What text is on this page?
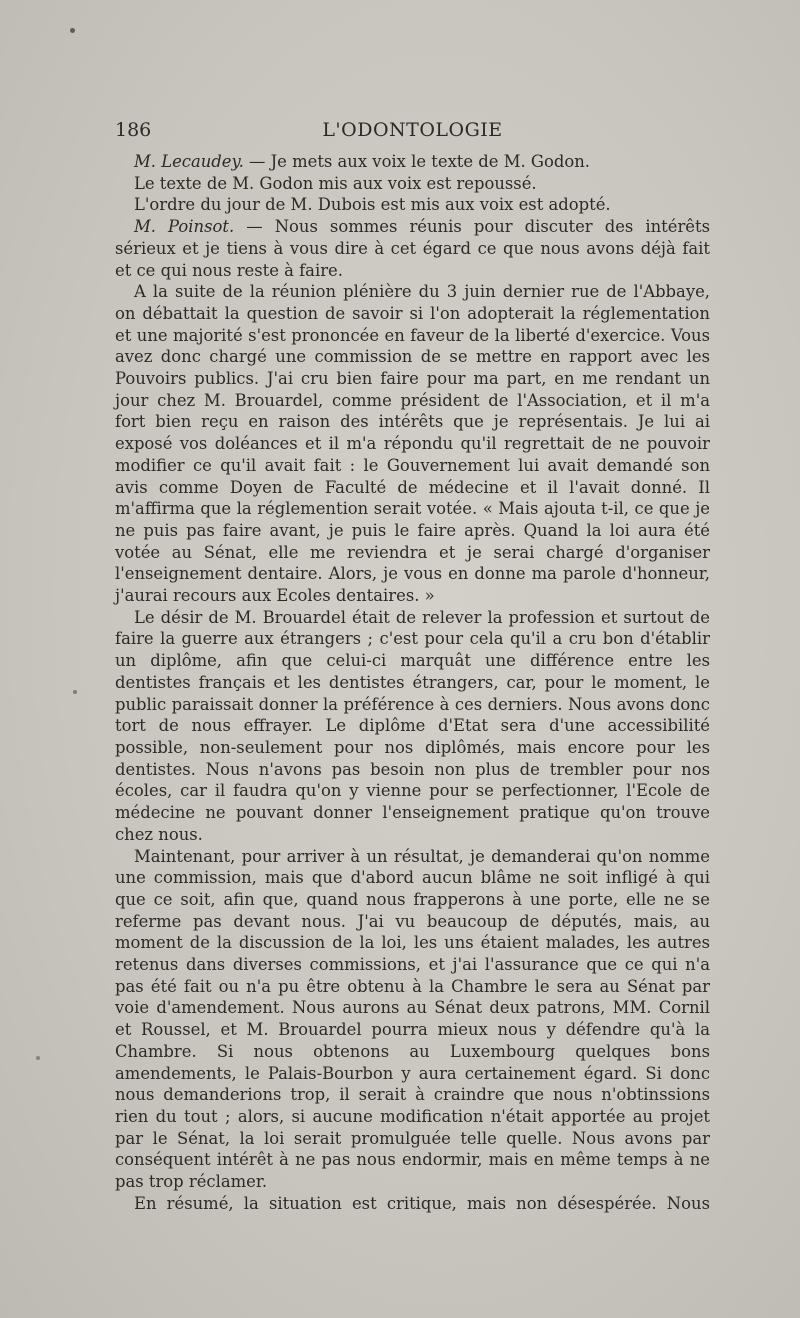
186	L'ODONTOLOGIE

M. Lecaudey. — Je mets aux voix le texte de M. Godon.

Le texte de M. Godon mis aux voix est repoussé.

L'ordre du jour de M. Dubois est mis aux voix est adopté.

M. Poinsot. — Nous sommes réunis pour discuter des intérêts sérieux et je tiens à vous dire à cet égard ce que nous avons déjà fait et ce qui nous reste à faire.

A la suite de la réunion plénière du 3 juin dernier rue de l'Abbaye, on débattait la question de savoir si l'on adopterait la réglementation et une majorité s'est prononcée en faveur de la liberté d'exercice. Vous avez donc chargé une commission de se mettre en rapport avec les Pouvoirs publics. J'ai cru bien faire pour ma part, en me rendant un jour chez M. Brouardel, comme président de l'Association, et il m'a fort bien reçu en raison des intérêts que je représentais. Je lui ai exposé vos doléances et il m'a répondu qu'il regrettait de ne pouvoir modifier ce qu'il avait fait : le Gouvernement lui avait demandé son avis comme Doyen de Faculté de médecine et il l'avait donné. Il m'affirma que la réglemention serait votée. « Mais ajouta t-il, ce que je ne puis pas faire avant, je puis le faire après. Quand la loi aura été votée au Sénat, elle me reviendra et je serai chargé d'organiser l'enseignement dentaire. Alors, je vous en donne ma parole d'honneur, j'aurai recours aux Ecoles dentaires. »

Le désir de M. Brouardel était de relever la profession et surtout de faire la guerre aux étrangers ; c'est pour cela qu'il a cru bon d'établir un diplôme, afin que celui-ci marquât une différence entre les dentistes français et les dentistes étrangers, car, pour le moment, le public paraissait donner la préférence à ces derniers. Nous avons donc tort de nous effrayer. Le diplôme d'Etat sera d'une accessibilité possible, non-seulement pour nos diplômés, mais encore pour les dentistes. Nous n'avons pas besoin non plus de trembler pour nos écoles, car il faudra qu'on y vienne pour se perfectionner, l'Ecole de médecine ne pouvant donner l'enseignement pratique qu'on trouve chez nous.

Maintenant, pour arriver à un résultat, je demanderai qu'on nomme une commission, mais que d'abord aucun blâme ne soit infligé à qui que ce soit, afin que, quand nous frapperons à une porte, elle ne se referme pas devant nous. J'ai vu beaucoup de députés, mais, au moment de la discussion de la loi, les uns étaient malades, les autres retenus dans diverses commissions, et j'ai l'assurance que ce qui n'a pas été fait ou n'a pu être obtenu à la Chambre le sera au Sénat par voie d'amendement. Nous aurons au Sénat deux patrons, MM. Cornil et Roussel, et M. Brouardel pourra mieux nous y défendre qu'à la Chambre. Si nous obtenons au Luxembourg quelques bons amendements, le Palais-Bourbon y aura certainement égard. Si donc nous demanderions trop, il serait à craindre que nous n'obtinssions rien du tout ; alors, si aucune modification n'était apportée au projet par le Sénat, la loi serait promulguée telle quelle. Nous avons par conséquent intérêt à ne pas nous endormir, mais en même temps à ne pas trop réclamer.

En résumé, la situation est critique, mais non désespérée. Nous
